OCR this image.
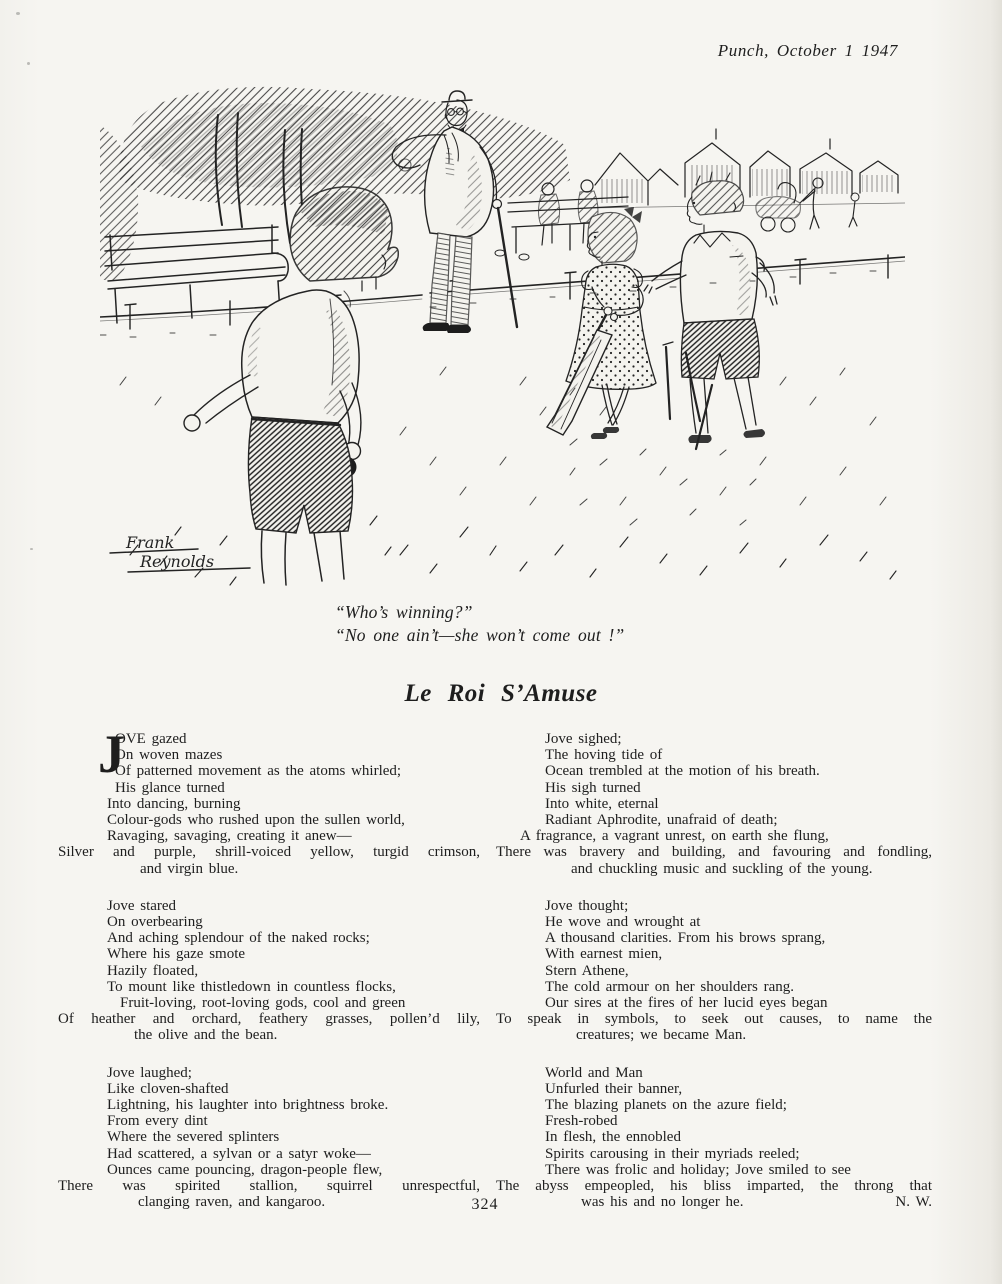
Punch, October 1 1947
Frank
Reynolds
“Who’s winning?”
“No one ain’t—she won’t come out !”
Le Roi S’Amuse
J
OVE gazed
On woven mazes
Of patterned movement as the atoms whirled;
His glance turned
Into dancing, burning
Colour-gods who rushed upon the sullen world,
Ravaging, savaging, creating it anew—
Silver and purple, shrill-voiced yellow, turgid crimson,
and virgin blue.
Jove stared
On overbearing
And aching splendour of the naked rocks;
Where his gaze smote
Hazily floated,
To mount like thistledown in countless flocks,
Fruit-loving, root-loving gods, cool and green
Of heather and orchard, feathery grasses, pollen’d lily,
the olive and the bean.
Jove laughed;
Like cloven-shafted
Lightning, his laughter into brightness broke.
From every dint
Where the severed splinters
Had scattered, a sylvan or a satyr woke—
Ounces came pouncing, dragon-people flew,
There was spirited stallion, squirrel unrespectful,
clanging raven, and kangaroo.
Jove sighed;
The hoving tide of
Ocean trembled at the motion of his breath.
His sigh turned
Into white, eternal
Radiant Aphrodite, unafraid of death;
A fragrance, a vagrant unrest, on earth she flung,
There was bravery and building, and favouring and fondling,
and chuckling music and suckling of the young.
Jove thought;
He wove and wrought at
A thousand clarities. From his brows sprang,
With earnest mien,
Stern Athene,
The cold armour on her shoulders rang.
Our sires at the fires of her lucid eyes began
To speak in symbols, to seek out causes, to name the
creatures; we became Man.
World and Man
Unfurled their banner,
The blazing planets on the azure field;
Fresh-robed
In flesh, the ennobled
Spirits carousing in their myriads reeled;
There was frolic and holiday; Jove smiled to see
The abyss empeopled, his bliss imparted, the throng that
was his and no longer he.	N. W.
324
